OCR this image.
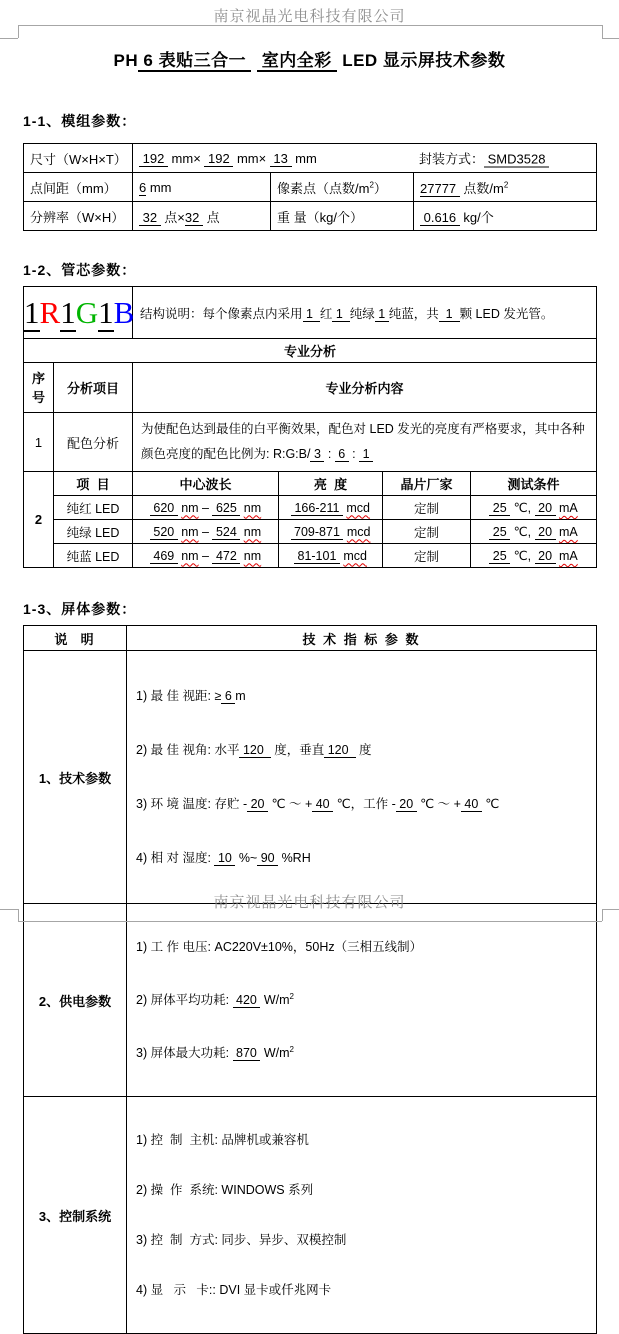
南京视晶光电科技有限公司
PH 6 表贴三合一   室内全彩  LED 显示屏技术参数
1-1、模组参数：
尺寸（W×H×T）	192  mm×  192  mm×  13  mm 封装方式： SMD3528		

点间距（mm）	6 mm	像素点（点数$/m^2$）	27777  点数$/m^2$
分辨率（W×H）	32  点×32  点	重 量（kg/个）	0.616  kg/个
1-2、管芯参数：
1R1G1B		结构说明：每个像素点内采用 1  红 1  纯绿 1 纯蓝，共  1  颗 LED 发光管。			
专业分析					
序号	分析项目	专业分析内容			
1	配色分析	为使配色达到最佳的白平衡效果，配色对 LED 发光的亮度有严格要求，其中各种颜色亮度的配色比例为: R:G:B/ 3  :  6  :  1			
2	项  目	中心波长	亮  度	晶片厂家	测试条件
	纯红 LED	620  nm –  625  nm	166-211  mcd	定制	25  ℃,  20  mA
	纯绿 LED	520  nm –  524  nm	709-871  mcd	定制	25  ℃,  20  mA
	纯蓝 LED	469  nm –  472  nm	81-101  mcd	定制	25  ℃,  20  mA
1-3、屏体参数：
说  明	技 术 指 标 参 数
1、技术参数	1) 最 佳 视距: ≥ 6 m

2) 最 佳 视角: 水平 120   度，垂直 120   度

3) 环 境 温度: 存贮 - 20  ℃ ～ + 40  ℃，工作 - 20  ℃ ～ + 40  ℃

4) 相 对 湿度:  10  %~ 90  %RH

2、供电参数	1) 工 作 电压: AC220V±10%，50Hz（三相五线制）

2) 屏体平均功耗:  420  $W/m^2$

3) 屏体最大功耗:  870  $W/m^2$

3、控制系统	1) 控  制  主机: 品牌机或兼容机

2) 操  作  系统: WINDOWS 系列

3) 控  制  方式: 同步、异步、双模控制

4) 显   示   卡:: DVI 显卡或仟兆网卡

南京视晶光电科技有限公司
